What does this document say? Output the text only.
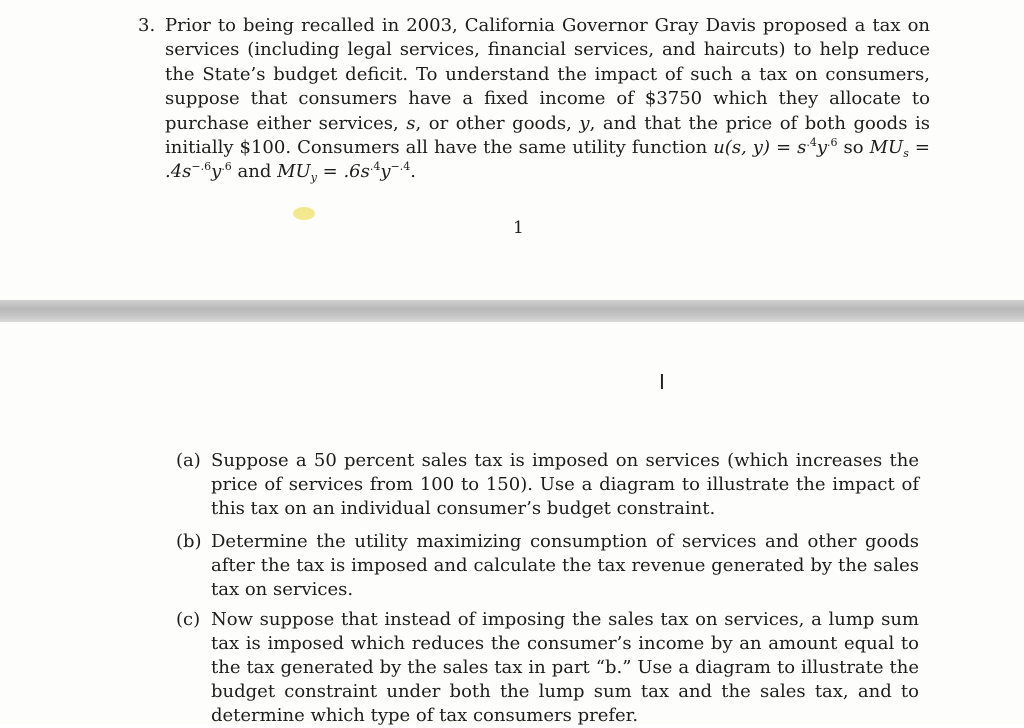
3. Prior to being recalled in 2003, California Governor Gray Davis proposed a tax on services (including legal services, financial services, and haircuts) to help reduce the State’s budget deficit. To understand the impact of such a tax on consumers, suppose that consumers have a fixed income of $3750 which they allocate to purchase either services, s, or other goods, y, and that the price of both goods is initially $100. Consumers all have the same utility function u(s, $y) = s^{.4}y^{.6}$ so $MU_s = .4s^{-.6}y^{.6}$ and $MU_y = .6s^{.4}y^{-.4}$.
1
I
(a) Suppose a 50 percent sales tax is imposed on services (which increases the price of services from 100 to 150). Use a diagram to illustrate the impact of this tax on an individual consumer’s budget constraint.
(b) Determine the utility maximizing consumption of services and other goods after the tax is imposed and calculate the tax revenue generated by the sales tax on services.
(c) Now suppose that instead of imposing the sales tax on services, a lump sum tax is imposed which reduces the consumer’s income by an amount equal to the tax generated by the sales tax in part “b.” Use a diagram to illustrate the budget constraint under both the lump sum tax and the sales tax, and to determine which type of tax consumers prefer.
